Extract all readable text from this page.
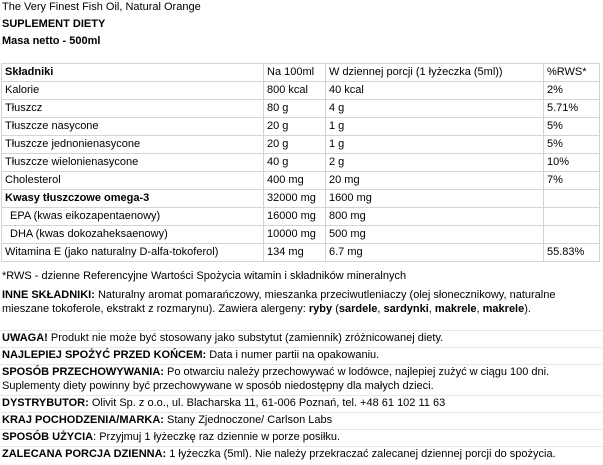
The Very Finest Fish Oil, Natural Orange
SUPLEMENT DIETY
Masa netto - 500ml
Składniki	Na 100ml	W dziennej porcji (1 łyżeczka (5ml))	%RWS*
Kalorie	800 kcal	40 kcal	2%
Tłuszcz	80 g	4 g	5.71%
Tłuszcze nasycone	20 g	1 g	5%
Tłuszcze jednonienasycone	20 g	1 g	5%
Tłuszcze wielonienasycone	40 g	2 g	10%
Cholesterol	400 mg	20 mg	7%
Kwasy tłuszczowe omega-3	32000 mg	1600 mg	
EPA (kwas eikozapentaenowy)	16000 mg	800 mg	
DHA (kwas dokozaheksaenowy)	10000 mg	500 mg	
Witamina E (jako naturalny D-alfa-tokoferol)	134 mg	6.7 mg	55.83%
*RWS - dzienne Referencyjne Wartości Spożycia witamin i składników mineralnych
INNE SKŁADNIKI: Naturalny aromat pomarańczowy, mieszanka przeciwutleniaczy (olej słonecznikowy, naturalne mieszane tokoferole, ekstrakt z rozmarynu). Zawiera alergeny: ryby (sardele, sardynki, makrele, makrele).
UWAGA! Produkt nie może być stosowany jako substytut (zamiennik) zróżnicowanej diety.
NAJLEPIEJ SPOŻYĆ PRZED KOŃCEM: Data i numer partii na opakowaniu.
SPOSÓB PRZECHOWYWANIA: Po otwarciu należy przechowywać w lodówce, najlepiej zużyć w ciągu 100 dni.
Suplementy diety powinny być przechowywane w sposób niedostępny dla małych dzieci.
DYSTRYBUTOR: Olivit Sp. z o.o., ul. Blacharska 11, 61-006 Poznań, tel. +48 61 102 11 63
KRAJ POCHODZENIA/MARKA: Stany Zjednoczone/ Carlson Labs
SPOSÓB UŻYCIA: Przyjmuj 1 łyżeczkę raz dziennie w porze posiłku.
ZALECANA PORCJA DZIENNA: 1 łyżeczka (5ml). Nie należy przekraczać zalecanej dziennej porcji do spożycia.
